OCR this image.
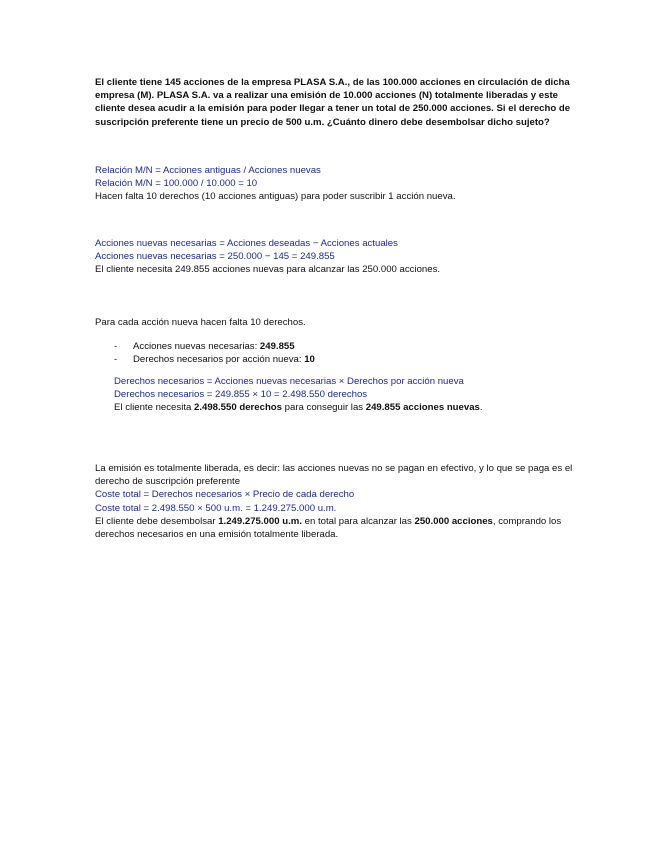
El cliente tiene 145 acciones de la empresa PLASA S.A., de las 100.000 acciones en circulación de dicha empresa (M). PLASA S.A. va a realizar una emisión de 10.000 acciones (N) totalmente liberadas y este cliente desea acudir a la emisión para poder llegar a tener un total de 250.000 acciones. Si el derecho de suscripción preferente tiene un precio de 500 u.m. ¿Cuánto dinero debe desembolsar dicho sujeto?

Relación M/N = Acciones antiguas / Acciones nuevas

Relación M/N = 100.000 / 10.000 = 10

Hacen falta 10 derechos (10 acciones antiguas) para poder suscribir 1 acción nueva.

Acciones nuevas necesarias = Acciones deseadas − Acciones actuales

Acciones nuevas necesarias = 250.000 − 145 = 249.855

El cliente necesita 249.855 acciones nuevas para alcanzar las 250.000 acciones.

Para cada acción nueva hacen falta 10 derechos.

- Acciones nuevas necesarias: 249.855
- Derechos necesarios por acción nueva: 10

Derechos necesarios = Acciones nuevas necesarias × Derechos por acción nueva

Derechos necesarios = 249.855 × 10 = 2.498.550 derechos

El cliente necesita 2.498.550 derechos para conseguir las 249.855 acciones nuevas.

La emisión es totalmente liberada, es decir: las acciones nuevas no se pagan en efectivo, y lo que se paga es el derecho de suscripción preferente

Coste total = Derechos necesarios × Precio de cada derecho

Coste total = 2.498.550 × 500 u.m. = 1.249.275.000 u.m.

El cliente debe desembolsar 1.249.275.000 u.m. en total para alcanzar las 250.000 acciones, comprando los derechos necesarios en una emisión totalmente liberada.
